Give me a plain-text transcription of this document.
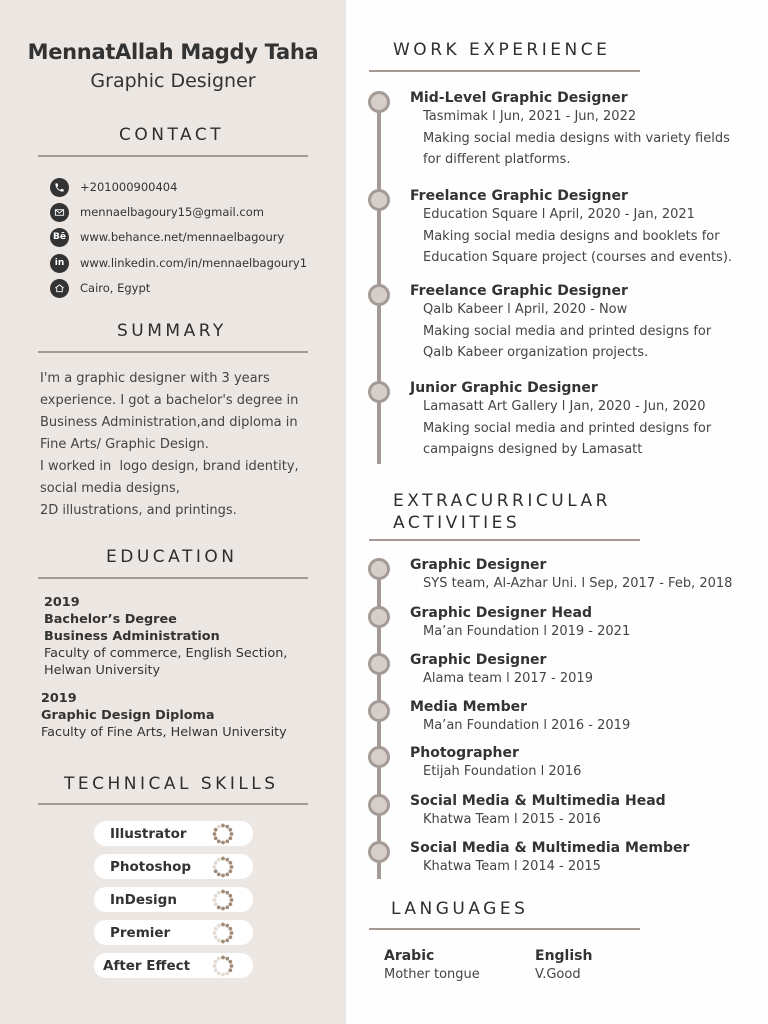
MennatAllah Magdy Taha
Graphic Designer
CONTACT
+201000900404
mennaelbagoury15@gmail.com
Bē www.behance.net/mennaelbagoury
in	www.linkedin.com/in/mennaelbagoury1
Cairo, Egypt
SUMMARY

I'm a graphic designer with 3 years

experience. I got a bachelor's degree in

Business Administration,and diploma in

Fine Arts/ Graphic Design.

I worked in  logo design, brand identity,

social media designs,

2D illustrations, and printings.

EDUCATION
2019
Bachelor’s Degree
Business Administration
Faculty of commerce, English Section,
Helwan University
2019
Graphic Design Diploma
Faculty of Fine Arts, Helwan University
TECHNICAL SKILLS
Illustrator
Photoshop
InDesign
Premier
After Effect
WORK EXPERIENCE
Mid-Level Graphic Designer
Tasmimak l Jun, 2021 - Jun, 2022
Making social media designs with variety fields
for different platforms.
Freelance Graphic Designer
Education Square l April, 2020 - Jan, 2021
Making social media designs and booklets for
Education Square project (courses and events).
Freelance Graphic Designer
Qalb Kabeer l April, 2020 - Now
Making social media and printed designs for
Qalb Kabeer organization projects.
Junior Graphic Designer
Lamasatt Art Gallery l Jan, 2020 - Jun, 2020
Making social media and printed designs for
campaigns designed by Lamasatt
EXTRACURRICULAR
ACTIVITIES
Graphic Designer
SYS team, Al-Azhar Uni. l Sep, 2017 - Feb, 2018
Graphic Designer Head
Ma’an Foundation l 2019 - 2021
Graphic Designer
Alama team l 2017 - 2019
Media Member
Ma’an Foundation l 2016 - 2019
Photographer
Etijah Foundation l 2016
Social Media & Multimedia Head
Khatwa Team l 2015 - 2016
Social Media & Multimedia Member
Khatwa Team l 2014 - 2015
LANGUAGES
Arabic
Mother tongue
English
V.Good
